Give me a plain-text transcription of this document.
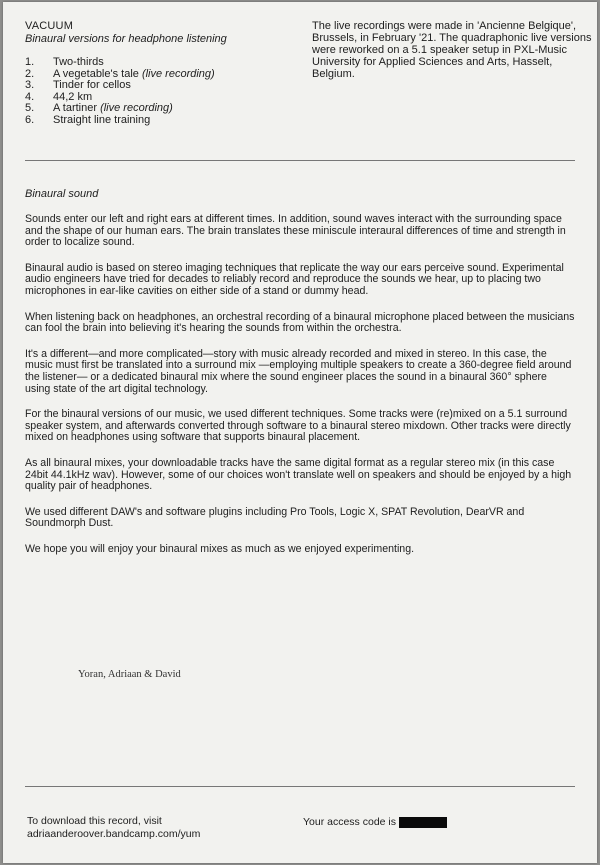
VACUUM
Binaural versions for headphone listening
1.	Two-thirds
2.	A vegetable's tale (live recording)
3.	Tinder for cellos
4.	44,2 km
5.	A tartiner (live recording)
6.	Straight line training

The live recordings were made in 'Ancienne Belgique', Brussels, in February '21. The quadraphonic live versions were reworked on a 5.1 speaker setup in PXL-Music University for Applied Sciences and Arts, Hasselt, Belgium.

Binaural sound

Sounds enter our left and right ears at different times. In addition, sound waves interact with the surrounding space and the shape of our human ears. The brain translates these miniscule interaural differences of time and strength in order to localize sound.

Binaural audio is based on stereo imaging techniques that replicate the way our ears perceive sound. Experimental audio engineers have tried for decades to reliably record and reproduce the sounds we hear, up to placing two microphones in ear-like cavities on either side of a stand or dummy head.

When listening back on headphones, an orchestral recording of a binaural microphone placed between the musicians can fool the brain into believing it's hearing the sounds from within the orchestra.

It's a different—and more complicated—story with music already recorded and mixed in stereo. In this case, the music must first be translated into a surround mix —employing multiple speakers to create a 360-degree field around the listener— or a dedicated binaural mix where the sound engineer places the sound in a binaural 360° sphere using state of the art digital technology.

For the binaural versions of our music, we used different techniques. Some tracks were (re)mixed on a 5.1 surround speaker system, and afterwards converted through software to a binaural stereo mixdown. Other tracks were directly mixed on headphones using software that supports binaural placement.

As all binaural mixes, your downloadable tracks have the same digital format as a regular stereo mix (in this case 24bit 44.1kHz wav). However, some of our choices won't translate well on speakers and should be enjoyed by a high quality pair of headphones.

We used different DAW's and software plugins including Pro Tools, Logic X, SPAT Revolution, DearVR and Soundmorph Dust.

We hope you will enjoy your binaural mixes as much as we enjoyed experimenting.

Yoran, Adriaan & David
To download this record, visit
adriaanderoover.bandcamp.com/yum
Your access code is
